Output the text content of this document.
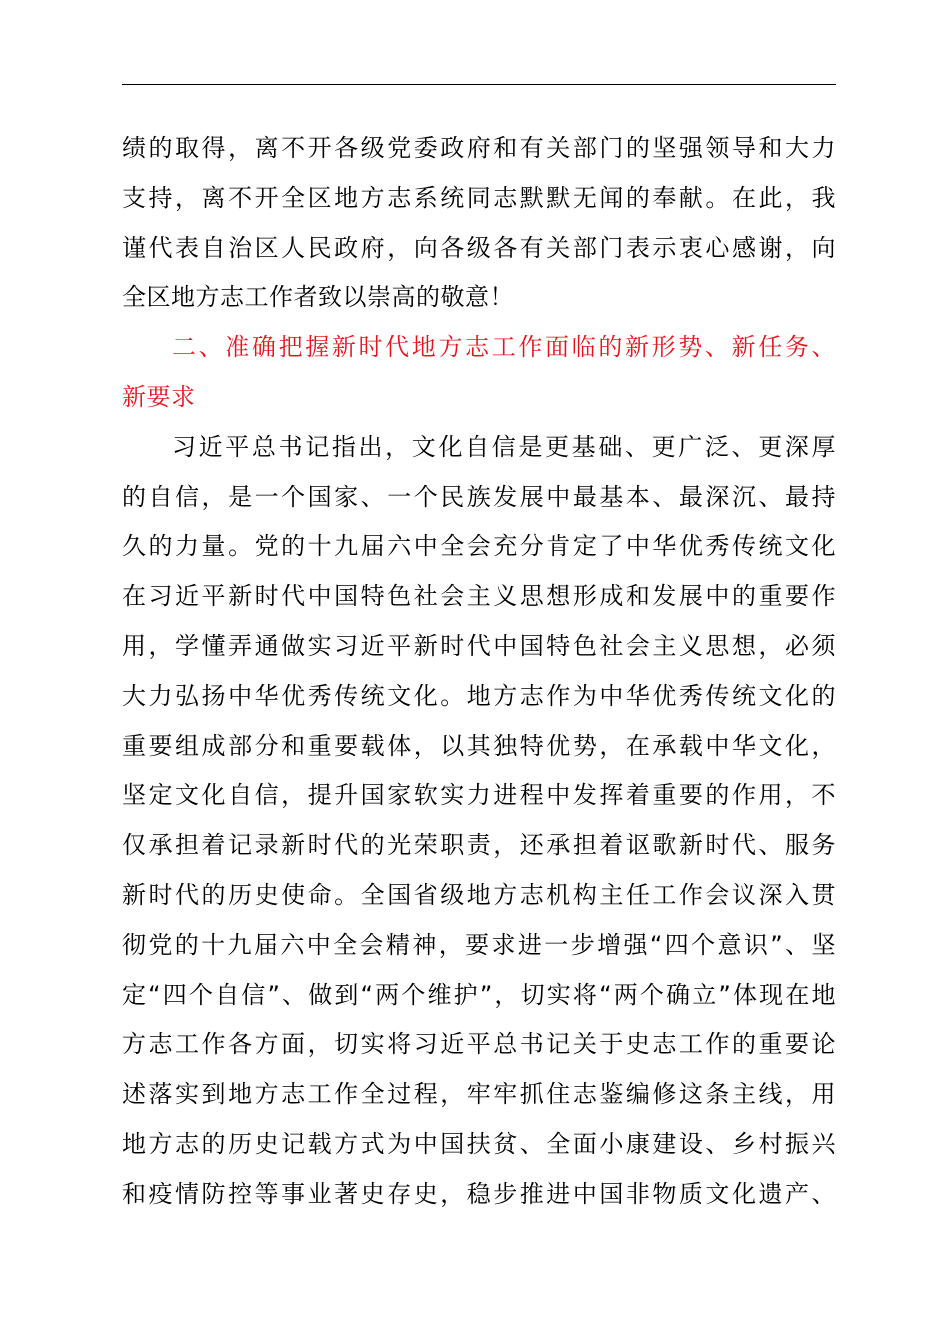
绩的取得，离不开各级党委政府和有关部门的坚强领导和大力
支持，离不开全区地方志系统同志默默无闻的奉献。在此，我
谨代表自治区人民政府，向各级各有关部门表示衷心感谢，向
全区地方志工作者致以崇高的敬意！
二、准确把握新时代地方志工作面临的新形势、新任务、
新要求
习近平总书记指出，文化自信是更基础、更广泛、更深厚
的自信，是一个国家、一个民族发展中最基本、最深沉、最持
久的力量。党的十九届六中全会充分肯定了中华优秀传统文化
在习近平新时代中国特色社会主义思想形成和发展中的重要作
用，学懂弄通做实习近平新时代中国特色社会主义思想，必须
大力弘扬中华优秀传统文化。地方志作为中华优秀传统文化的
重要组成部分和重要载体，以其独特优势，在承载中华文化，
坚定文化自信，提升国家软实力进程中发挥着重要的作用，不
仅承担着记录新时代的光荣职责，还承担着讴歌新时代、服务
新时代的历史使命。全国省级地方志机构主任工作会议深入贯
彻党的十九届六中全会精神，要求进一步增强“四个意识”、坚
定“四个自信”、做到“两个维护”，切实将“两个确立”体现在地
方志工作各方面，切实将习近平总书记关于史志工作的重要论
述落实到地方志工作全过程，牢牢抓住志鉴编修这条主线，用
地方志的历史记载方式为中国扶贫、全面小康建设、乡村振兴
和疫情防控等事业著史存史，稳步推进中国非物质文化遗产、
